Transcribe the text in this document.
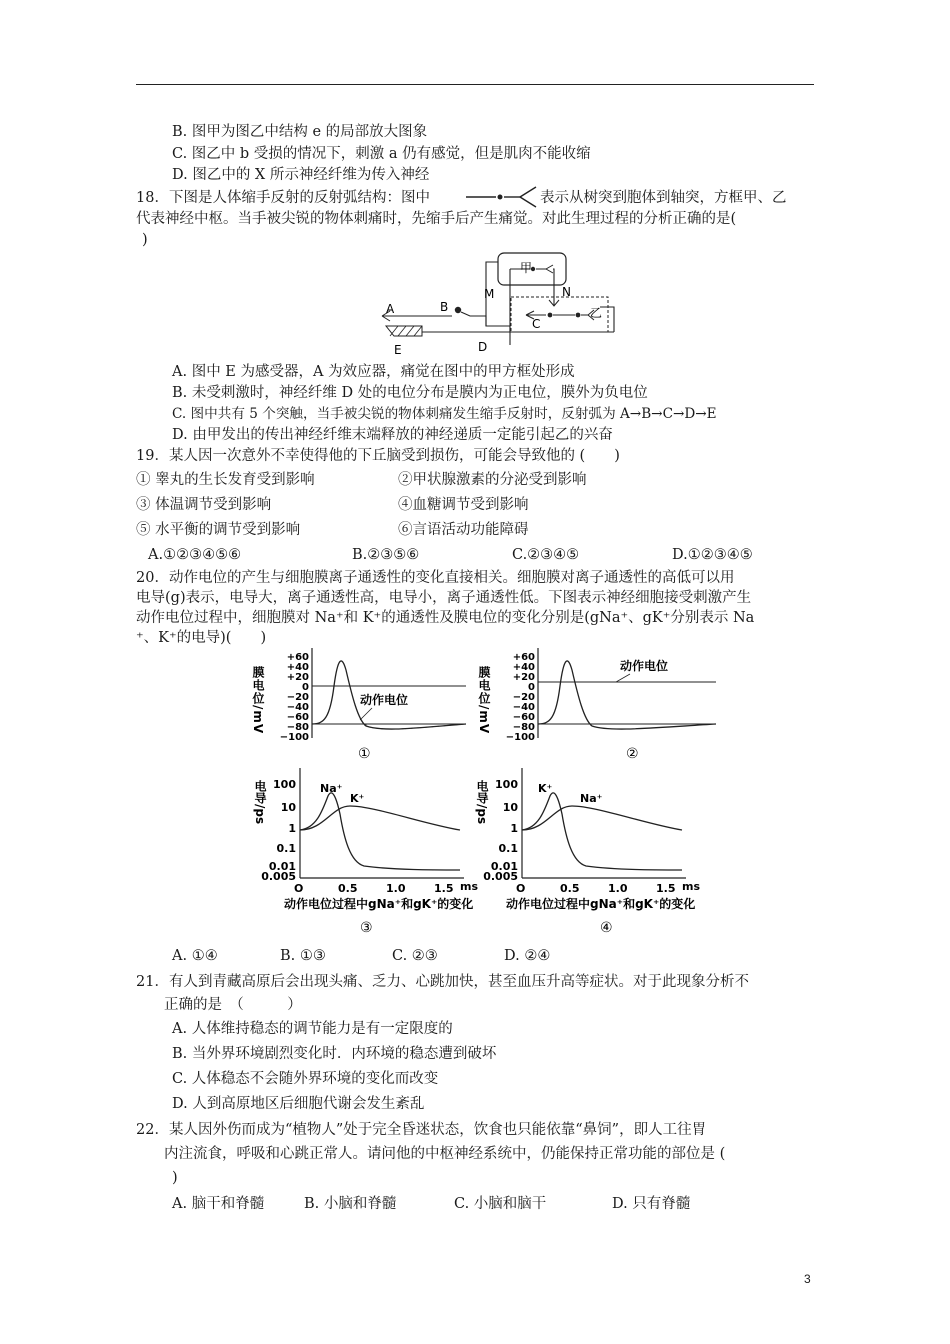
B. 图甲为图乙中结构 e 的局部放大图象
C. 图乙中 b 受损的情况下，刺激 a 仍有感觉，但是肌肉不能收缩
D. 图乙中的 X 所示神经纤维为传入神经
18．下图是人体缩手反射的反射弧结构：图中	表示从树突到胞体到轴突，方框甲、乙
代表神经中枢。当手被尖锐的物体刺痛时，先缩手后产生痛觉。对此生理过程的分析正确的是(
)
A	B
M	N
C
乙
甲
D
E
A. 图中 E 为感受器，A 为效应器，痛觉在图中的甲方框处形成
B. 未受刺激时，神经纤维 D 处的电位分布是膜内为正电位，膜外为负电位
C. 图中共有 5 个突触，当手被尖锐的物体刺痛发生缩手反射时，反射弧为 A→B→C→D→E
D. 由甲发出的传出神经纤维末端释放的神经递质一定能引起乙的兴奋
19．某人因一次意外不幸使得他的下丘脑受到损伤，可能会导致他的 (　　)
① 睾丸的生长发育受到影响	②甲状腺激素的分泌受到影响
③ 体温调节受到影响	④血糖调节受到影响
⑤ 水平衡的调节受到影响	⑥言语活动功能障碍
A.①②③④⑤⑥	B.②③⑤⑥	C.②③④⑤	D.①②③④⑤
20．动作电位的产生与细胞膜离子通透性的变化直接相关。细胞膜对离子通透性的高低可以用
电导(g)表示，电导大，离子通透性高，电导小，离子通透性低。下图表示神经细胞接受刺激产生
动作电位过程中，细胞膜对 Na⁺和 K⁺的通透性及膜电位的变化分别是(gNa⁺、gK⁺分别表示 Na
⁺、K⁺的电导)(　　)
膜电位/mV
+60
+40
+20
0
−20
−40
−60
−80
−100
动作电位
①
膜电位/mV
+60
+40
+20
0
−20
−40
−60
−80
−100
动作电位
②
电导/ps 100
10
1
0.1
0.01
0.005
O	0.5	1.0	1.5 ms
Na⁺
K⁺
动作电位过程中gNa⁺和gK⁺的变化
③
电导/ps 100
10
1
0.1
0.01
0.005
O	0.5	1.0	1.5 ms
K⁺
Na⁺
动作电位过程中gNa⁺和gK⁺的变化
④
A. ①④	B. ①③	C. ②③	D. ②④
21．有人到青藏高原后会出现头痛、乏力、心跳加快，甚至血压升高等症状。对于此现象分析不
正确的是　（　　　）
A. 人体维持稳态的调节能力是有一定限度的
B. 当外界环境剧烈变化时．内环境的稳态遭到破坏
C. 人体稳态不会随外界环境的变化而改变
D. 人到高原地区后细胞代谢会发生紊乱
22．某人因外伤而成为“植物人”处于完全昏迷状态，饮食也只能依靠“鼻饲”，即人工往胃
内注流食，呼吸和心跳正常人。请问他的中枢神经系统中，仍能保持正常功能的部位是 (
)
A. 脑干和脊髓	B. 小脑和脊髓	C. 小脑和脑干	D. 只有脊髓
3
